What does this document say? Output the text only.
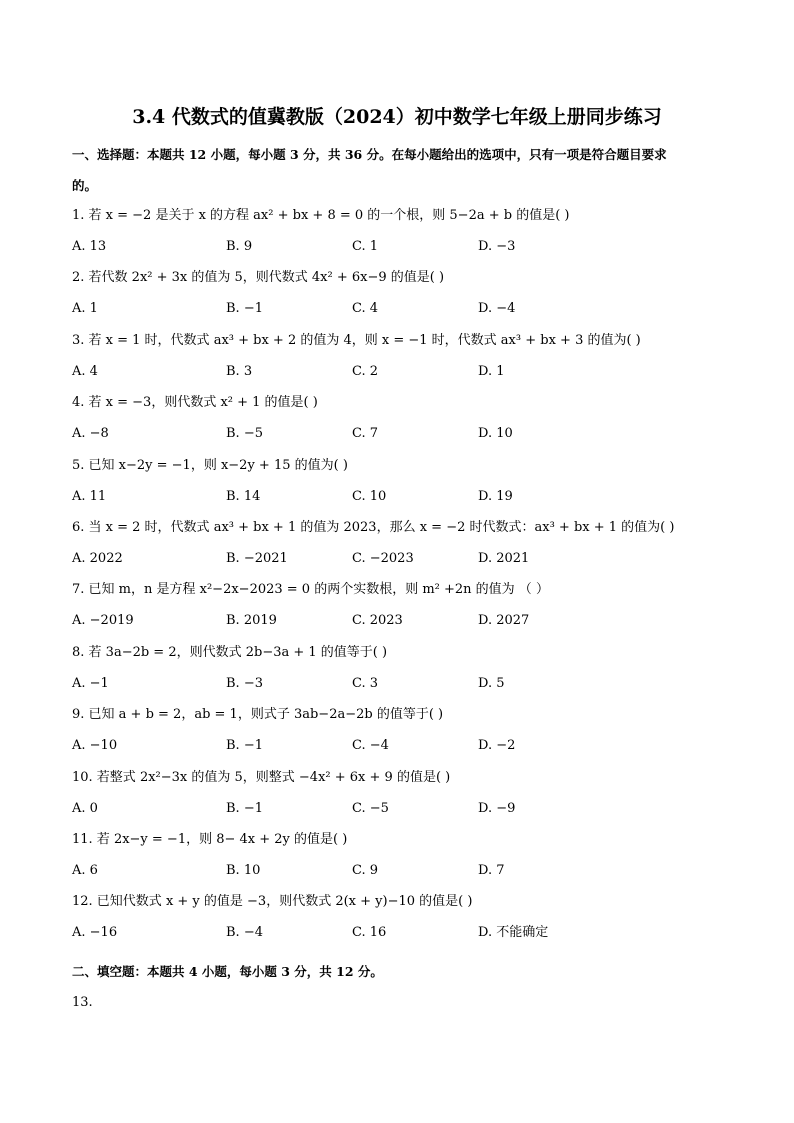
3.4 代数式的值冀教版（2024）初中数学七年级上册同步练习
一、选择题：本题共 12 小题，每小题 3 分，共 36 分。在每小题给出的选项中，只有一项是符合题目要求
的。
1. 若 x = −2 是关于 x 的方程 ax² + bx + 8 = 0 的一个根，则 5−2a + b 的值是( )
A. 13	B. 9	C. 1	D. −3
2. 若代数 2x² + 3x 的值为 5，则代数式 4x² + 6x−9 的值是( )
A. 1	B. −1	C. 4	D. −4
3. 若 x = 1 时，代数式 ax³ + bx + 2 的值为 4，则 x = −1 时，代数式 ax³ + bx + 3 的值为( )
A. 4	B. 3	C. 2	D. 1
4. 若 x = −3，则代数式 x² + 1 的值是( )
A. −8	B. −5	C. 7	D. 10
5. 已知 x−2y = −1，则 x−2y + 15 的值为( )
A. 11	B. 14	C. 10	D. 19
6. 当 x = 2 时，代数式 ax³ + bx + 1 的值为 2023，那么 x = −2 时代数式：ax³ + bx + 1 的值为( )
A. 2022	B. −2021	C. −2023	D. 2021
7. 已知 m，n 是方程 x²−2x−2023 = 0 的两个实数根，则 m² +2n 的值为 （ ）
A. −2019	B. 2019	C. 2023	D. 2027
8. 若 3a−2b = 2，则代数式 2b−3a + 1 的值等于( )
A. −1	B. −3	C. 3	D. 5
9. 已知 a + b = 2，ab = 1，则式子 3ab−2a−2b 的值等于( )
A. −10	B. −1	C. −4	D. −2
10. 若整式 2x²−3x 的值为 5，则整式 −4x² + 6x + 9 的值是( )
A. 0	B. −1	C. −5	D. −9
11. 若 2x−y = −1，则 8− 4x + 2y 的值是( )
A. 6	B. 10	C. 9	D. 7
12. 已知代数式 x + y 的值是 −3，则代数式 2(x + y)−10 的值是( )
A. −16	B. −4	C. 16	D. 不能确定
二、填空题：本题共 4 小题，每小题 3 分，共 12 分。
13.
